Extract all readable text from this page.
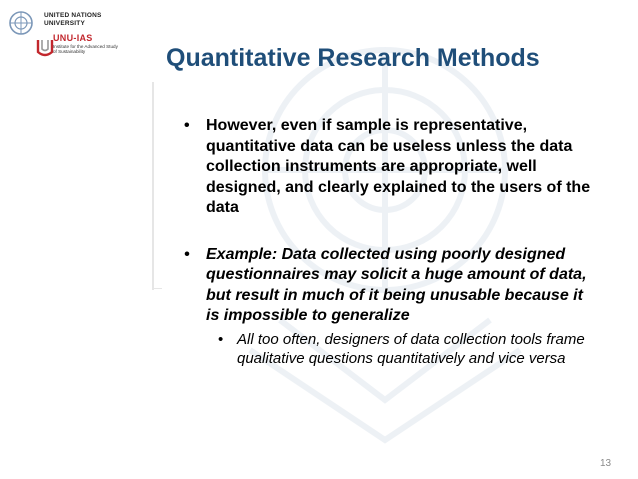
UNITED NATIONS
UNIVERSITY
UNU-IAS
Institute for the Advanced Study
of Sustainability	Quantitative Research Methods
• However, even if sample is representative, quantitative data can be useless unless the data collection instruments are appropriate, well designed, and clearly explained to the users of the data
• Example: Data collected using poorly designed questionnaires may solicit a huge amount of data, but result in much of it being unusable because it is impossible to generalize
• All too often, designers of data collection tools frame qualitative questions quantitatively and vice versa
13
